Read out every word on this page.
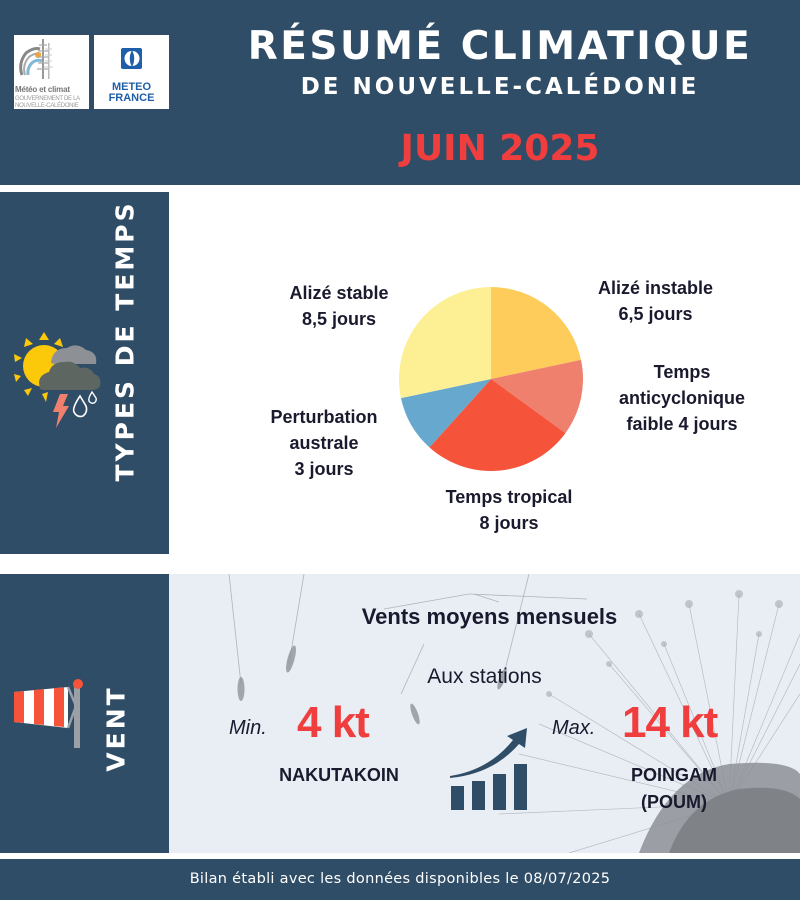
Météo et climat
GOUVERNEMENT DE LA
NOUVELLE-CALÉDONIE
METEO
FRANCE
RÉSUMÉ CLIMATIQUE
DE NOUVELLE-CALÉDONIE
JUIN 2025
TYPES DE TEMPS	Alizé instable
6,5 jours
Temps
anticyclonique
faible 4 jours
Temps tropical
8 jours
Perturbation
australe
3 jours
Alizé stable
8,5 jours
VENT
Vents moyens mensuels
Aux stations
Min. 4 kt
NAKUTAKOIN
Max. 14 kt
POINGAM
(POUM)
Bilan établi avec les données disponibles le 08/07/2025
